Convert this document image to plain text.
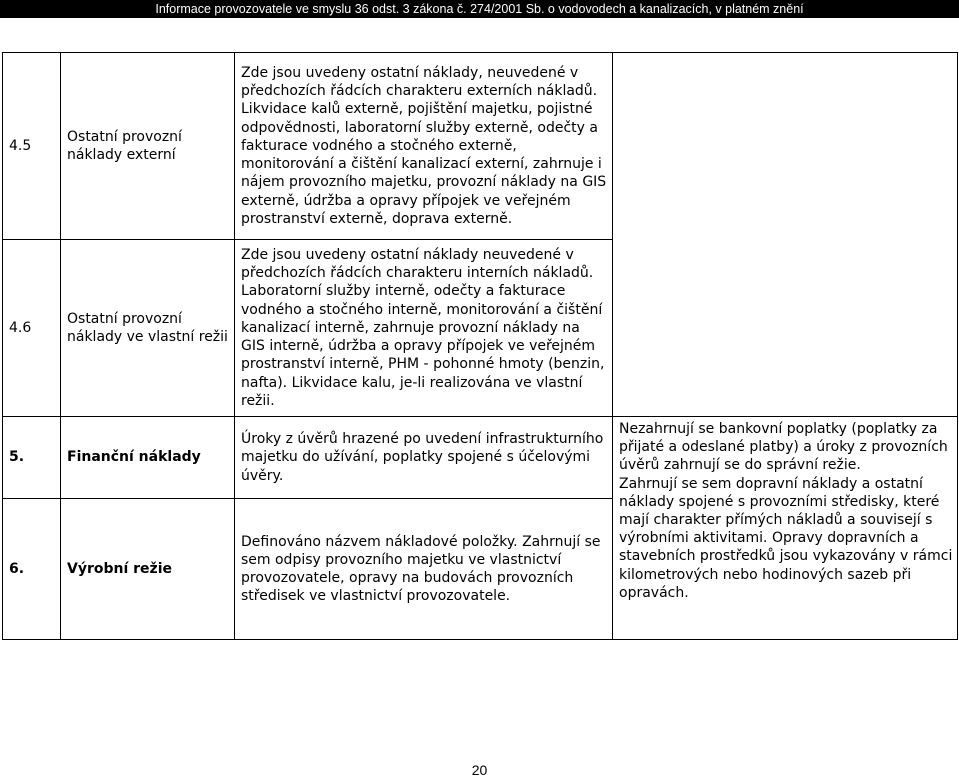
Informace provozovatele ve smyslu 36 odst. 3 zákona č. 274/2001 Sb. o vodovodech a kanalizacích, v platném znění
4.5	Ostatní provozní náklady externí	Zde jsou uvedeny ostatní náklady, neuvedené v předchozích řádcích charakteru externích nákladů. Likvidace kalů externě, pojištění majetku, pojistné odpovědnosti, laboratorní služby externě, odečty a fakturace vodného a stočného externě, monitorování a čištění kanalizací externí, zahrnuje i nájem provozního majetku, provozní náklady na GIS externě, údržba a opravy přípojek ve veřejném prostranství externě, doprava externě.	
4.6	Ostatní provozní náklady ve vlastní režii	Zde jsou uvedeny ostatní náklady neuvedené v předchozích řádcích charakteru interních nákladů. Laboratorní služby interně, odečty a fakturace vodného a stočného interně, monitorování a čištění kanalizací interně, zahrnuje provozní náklady na GIS interně, údržba a opravy přípojek ve veřejném prostranství interně, PHM - pohonné hmoty (benzin, nafta). Likvidace kalu, je-li realizována ve vlastní režii.	
5.	Finanční náklady	Úroky z úvěrů hrazené po uvedení infrastrukturního majetku do užívání, poplatky spojené s účelovými úvěry.	Nezahrnují se bankovní poplatky (poplatky za přijaté a odeslané platby) a úroky z provozních úvěrů zahrnují se do správní režie.
Zahrnují se sem dopravní náklady a ostatní náklady spojené s provozními středisky, které mají charakter přímých nákladů a souvisejí s výrobními aktivitami. Opravy dopravních a stavebních prostředků jsou vykazovány v rámci kilometrových nebo hodinových sazeb při opravách.

6.	Výrobní režie	Definováno názvem nákladové položky. Zahrnují se sem odpisy provozního majetku ve vlastnictví provozovatele, opravy na budovách provozních středisek ve vlastnictví provozovatele.	
20
